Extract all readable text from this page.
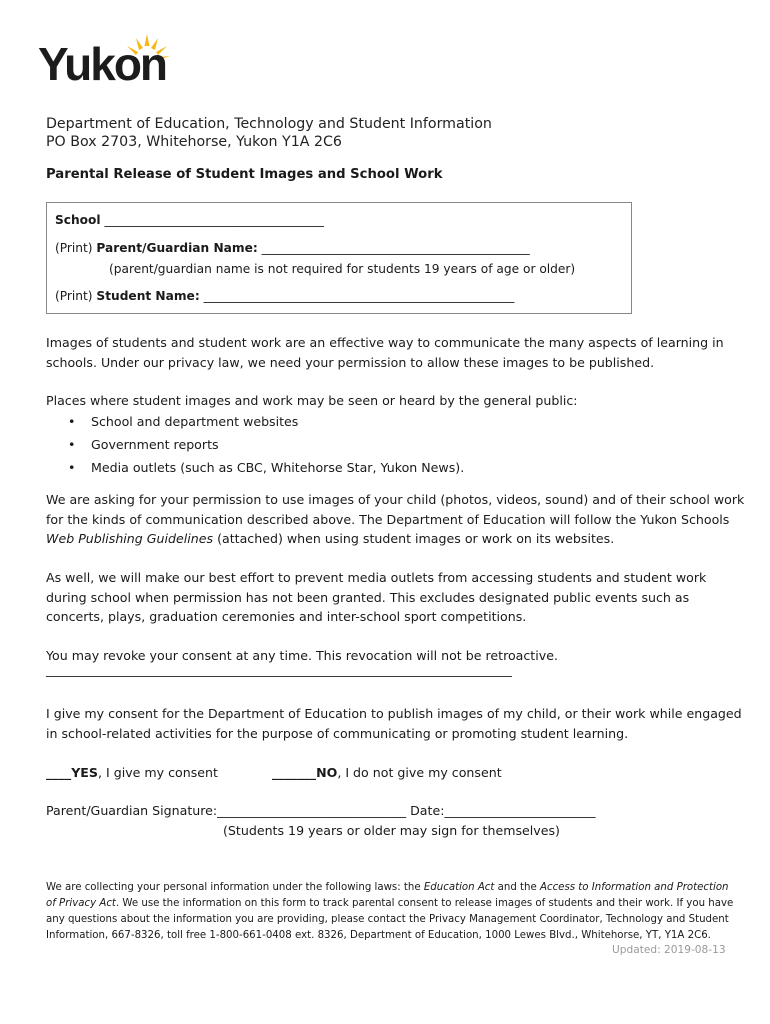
Yukon
Department of Education, Technology and Student Information
PO Box 2703, Whitehorse, Yukon Y1A 2C6
Parental Release of Student Images and School Work
School ____________________________________
(Print) Parent/Guardian Name: ____________________________________________
(parent/guardian name is not required for students 19 years of age or older)
(Print) Student Name: ___________________________________________________
Images of students and student work are an effective way to communicate the many aspects of learning in
schools. Under our privacy law, we need your permission to allow these images to be published.
Places where student images and work may be seen or heard by the general public:
• School and department websites
• Government reports
• Media outlets (such as CBC, Whitehorse Star, Yukon News).
We are asking for your permission to use images of your child (photos, videos, sound) and of their school work
for the kinds of communication described above. The Department of Education will follow the Yukon Schools
Web Publishing Guidelines (attached) when using student images or work on its websites.
As well, we will make our best effort to prevent media outlets from accessing students and student work
during school when permission has not been granted. This excludes designated public events such as
concerts, plays, graduation ceremonies and inter-school sport competitions.
You may revoke your consent at any time. This revocation will not be retroactive.
__________________________________________________________________________
I give my consent for the Department of Education to publish images of my child, or their work while engaged
in school-related activities for the purpose of communicating or promoting student learning.
____YES, I give my consent	_______NO, I do not give my consent
Parent/Guardian Signature:______________________________ Date:________________________
(Students 19 years or older may sign for themselves)
We are collecting your personal information under the following laws: the Education Act and the Access to Information and Protection
of Privacy Act. We use the information on this form to track parental consent to release images of students and their work. If you have
any questions about the information you are providing, please contact the Privacy Management Coordinator, Technology and Student
Information, 667-8326, toll free 1-800-661-0408 ext. 8326, Department of Education, 1000 Lewes Blvd., Whitehorse, YT, Y1A 2C6.
Updated: 2019-08-13
